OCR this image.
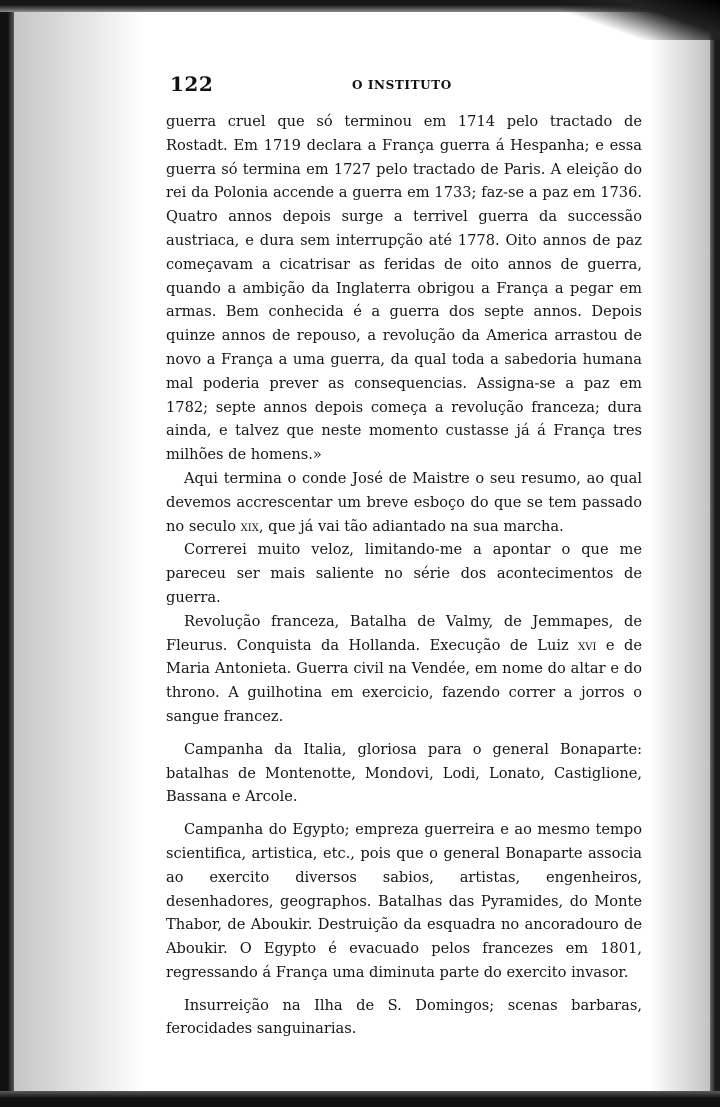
122	O INSTITUTO

guerra cruel que só terminou em 1714 pelo tractado de Rostadt. Em 1719 declara a França guerra á Hespanha; e essa guerra só termina em 1727 pelo tractado de Paris. A eleição do rei da Polonia accende a guerra em 1733; faz-se a paz em 1736. Quatro annos depois surge a terrivel guerra da successão austriaca, e dura sem interrupção até 1778. Oito annos de paz começavam a cicatrisar as feridas de oito annos de guerra, quando a ambição da Inglaterra obrigou a França a pegar em armas. Bem conhecida é a guerra dos septe annos. Depois quinze annos de repouso, a revolução da America arrastou de novo a França a uma guerra, da qual toda a sabedoria humana mal poderia prever as consequencias. Assigna-se a paz em 1782; septe annos depois começa a revolução franceza; dura ainda, e talvez que neste momento custasse já á França tres milhões de homens.»

Aqui termina o conde José de Maistre o seu resumo, ao qual devemos accrescentar um breve esboço do que se tem passado no seculo xix, que já vai tão adiantado na sua marcha.

Correrei muito veloz, limitando-me a apontar o que me pareceu ser mais saliente no série dos acontecimentos de guerra.

Revolução franceza, Batalha de Valmy, de Jemmapes, de Fleurus. Conquista da Hollanda. Execução de Luiz xvi e de Maria Antonieta. Guerra civil na Vendée, em nome do altar e do throno. A guilhotina em exercicio, fazendo correr a jorros o sangue francez.

Campanha da Italia, gloriosa para o general Bonaparte: batalhas de Montenotte, Mondovi, Lodi, Lonato, Castiglione, Bassana e Arcole.

Campanha do Egypto; empreza guerreira e ao mesmo tempo scientifica, artistica, etc., pois que o general Bonaparte associa ao exercito diversos sabios, artistas, engenheiros, desenhadores, geographos. Batalhas das Pyramides, do Monte Thabor, de Aboukir. Destruição da esquadra no ancoradouro de Aboukir. O Egypto é evacuado pelos francezes em 1801, regressando á França uma diminuta parte do exercito invasor.

Insurreição na Ilha de S. Domingos; scenas barbaras, ferocidades sanguinarias.
